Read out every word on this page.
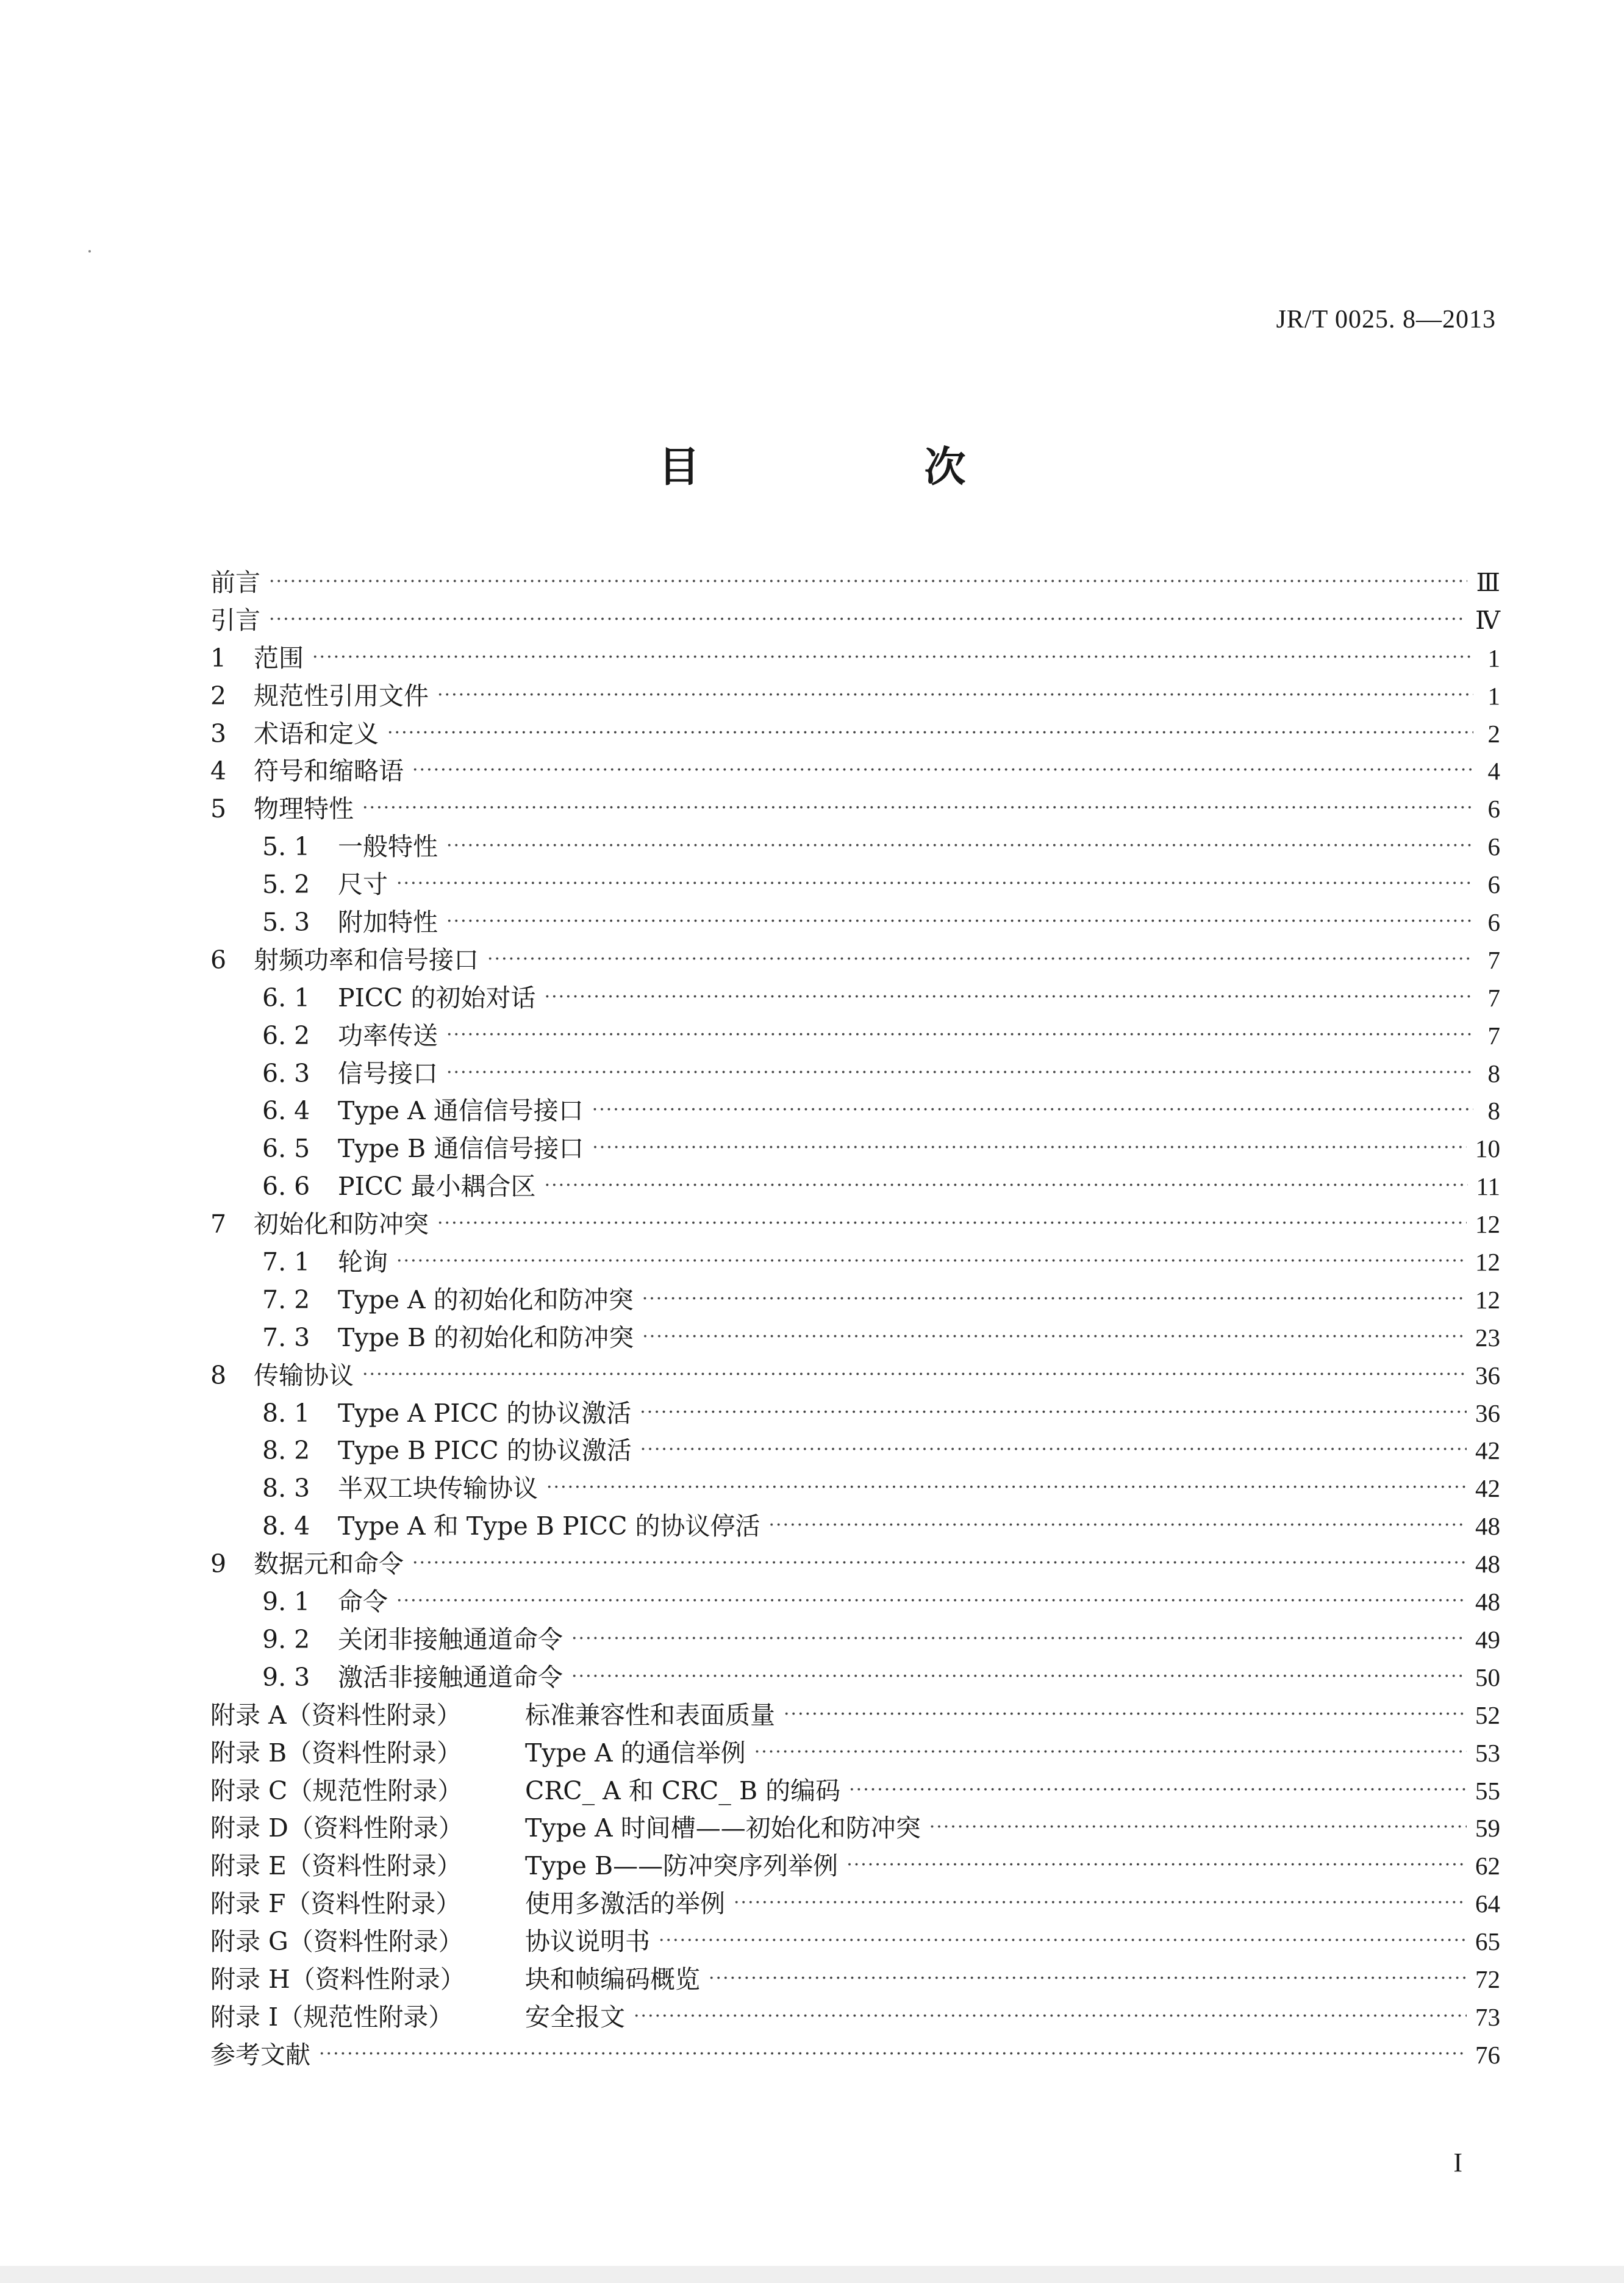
JR/T 0025. 8—2013
目　次
前言 ·····	Ⅲ
引言 ·····	Ⅳ
1	范围 ·····	1
2	规范性引用文件 ·····	1
3	术语和定义 ·····	2
4	符号和缩略语 ·····	4
5	物理特性 ·····	6
5. 1	一般特性 ·····	6
5. 2	尺寸 ·····	6
5. 3	附加特性 ·····	6
6	射频功率和信号接口 ·····	7
6. 1	PICC 的初始对话 ·····	7
6. 2	功率传送 ·····	7
6. 3	信号接口 ·····	8
6. 4	Type A 通信信号接口 ·····	8
6. 5	Type B 通信信号接口 ·····	10
6. 6	PICC 最小耦合区 ·····	11
7	初始化和防冲突 ·····	12
7. 1	轮询 ·····	12
7. 2	Type A 的初始化和防冲突 ·····	12
7. 3	Type B 的初始化和防冲突 ·····	23
8	传输协议 ·····	36
8. 1	Type A PICC 的协议激活 ·····	36
8. 2	Type B PICC 的协议激活 ·····	42
8. 3	半双工块传输协议 ·····	42
8. 4	Type A 和 Type B PICC 的协议停活 ·····	48
9	数据元和命令 ·····	48
9. 1	命令 ·····	48
9. 2	关闭非接触通道命令 ·····	49
9. 3	激活非接触通道命令 ·····	50
附录 A（资料性附录）	标准兼容性和表面质量 ·····	52
附录 B（资料性附录）	Type A 的通信举例 ·····	53
附录 C（规范性附录）	CRC_ A 和 CRC_ B 的编码 ·····	55
附录 D（资料性附录）	Type A 时间槽——初始化和防冲突 ·····	59
附录 E（资料性附录）	Type B——防冲突序列举例 ·····	62
附录 F（资料性附录）	使用多激活的举例 ·····	64
附录 G（资料性附录）	协议说明书 ·····	65
附录 H（资料性附录）	块和帧编码概览 ·····	72
附录 I（规范性附录）	安全报文 ·····	73
参考文献 ·····	76
I
